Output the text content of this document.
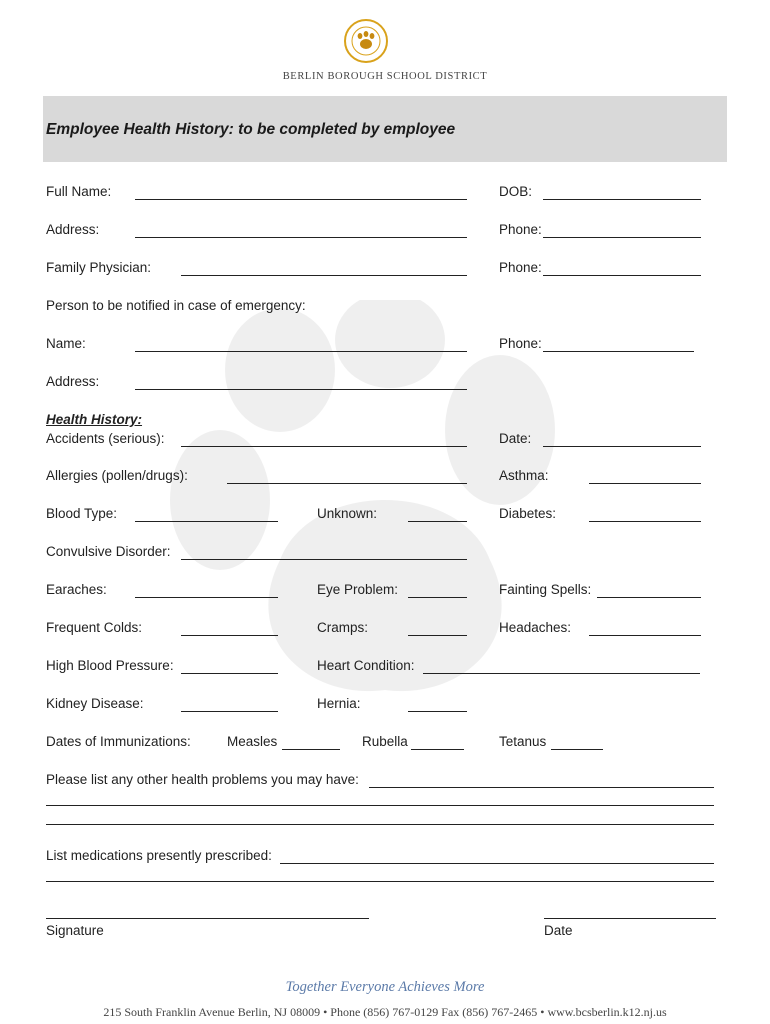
BERLIN BOROUGH SCHOOL DISTRICT
Employee Health History: to be completed by employee
Full Name:	DOB:
Address:	Phone:
Family Physician:	Phone:
Person to be notified in case of emergency:
Name:	Phone:
Address:
Health History:
Accidents (serious):	Date:
Allergies (pollen/drugs):	Asthma:
Blood Type:	Unknown:	Diabetes:
Convulsive Disorder:
Earaches:	Eye Problem:	Fainting Spells:
Frequent Colds:	Cramps:	Headaches:
High Blood Pressure:	Heart Condition:
Kidney Disease:	Hernia:
Dates of Immunizations:	Measles	Rubella	Tetanus
Please list any other health problems you may have:
List medications presently prescribed:
Signature	Date
Together Everyone Achieves More
215 South Franklin Avenue Berlin, NJ 08009 • Phone (856) 767-0129 Fax (856) 767-2465 • www.bcsberlin.k12.nj.us
